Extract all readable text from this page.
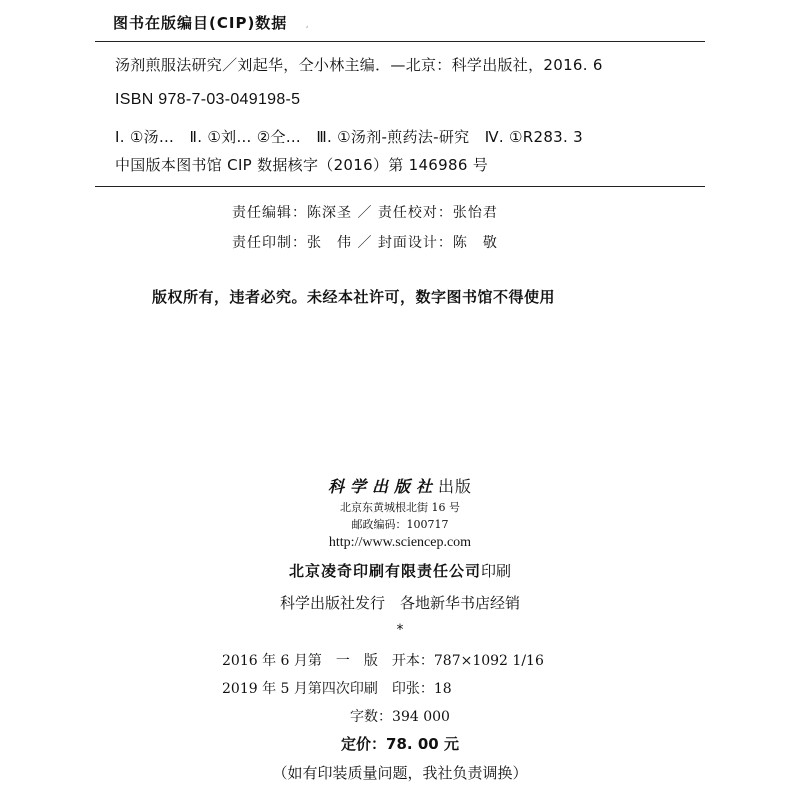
图书在版编目(CIP)数据 ،
汤剂煎服法研究／刘起华，仝小林主编．—北京：科学出版社，2016. 6
ISBN 978-7-03-049198-5
Ⅰ. ①汤…　Ⅱ. ①刘… ②仝…　Ⅲ. ①汤剂-煎药法-研究　Ⅳ. ①R283. 3
中国版本图书馆 CIP 数据核字（2016）第 146986 号
责任编辑：陈深圣 ／ 责任校对：张怡君
责任印制：张　伟 ／ 封面设计：陈　敬
版权所有，违者必究。未经本社许可，数字图书馆不得使用
科学出版社出版
北京东黄城根北街 16 号
邮政编码：100717
http://www.sciencep.com
北京凌奇印刷有限责任公司印刷
科学出版社发行　各地新华书店经销
*
2016 年 6 月第　一　版　开本：787×1092 1/16
2019 年 5 月第四次印刷　印张：18
字数：394 000
定价：78. 00 元
（如有印装质量问题，我社负责调换）
